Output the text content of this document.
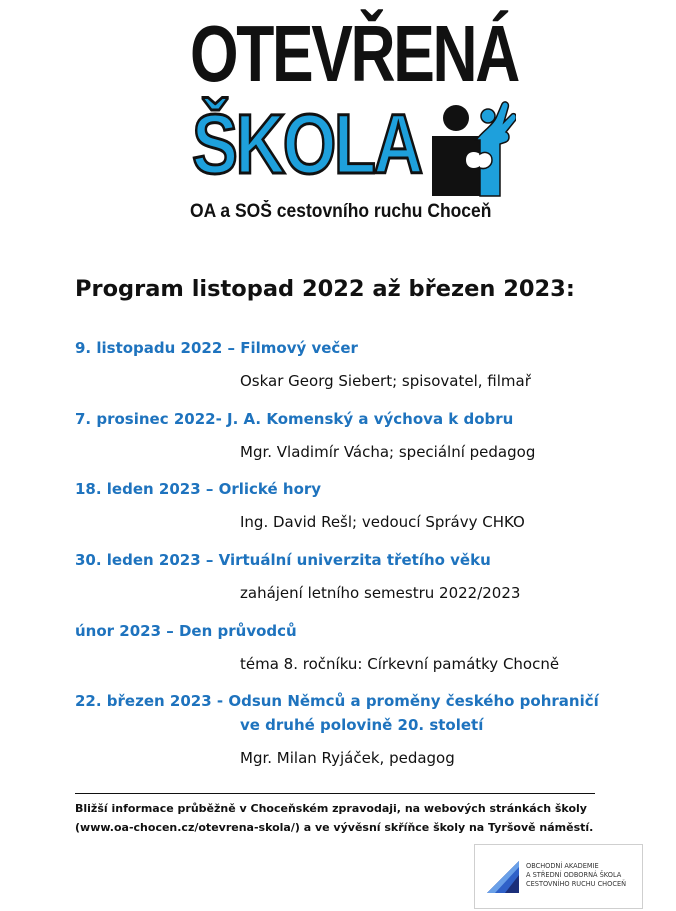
OTEVŘENÁ
ŠKOLA
OA a SOŠ cestovního ruchu Choceň
Program listopad 2022 až březen 2023:
9. listopadu 2022 – Filmový večer
Oskar Georg Siebert; spisovatel, filmař
7. prosinec 2022- J. A. Komenský a výchova k dobru
Mgr. Vladimír Vácha; speciální pedagog
18. leden 2023 – Orlické hory
Ing. David Rešl; vedoucí Správy CHKO
30. leden 2023 – Virtuální univerzita třetího věku
zahájení letního semestru 2022/2023
únor 2023 – Den průvodců
téma 8. ročníku: Církevní památky Chocně
22. březen 2023 - Odsun Němců a proměny českého pohraničí
ve druhé polovině 20. století
Mgr. Milan Ryjáček, pedagog
Bližší informace průběžně v Choceňském zpravodaji, na webových stránkách školy
(www.oa-chocen.cz/otevrena-skola/) a ve vývěsní skříňce školy na Tyršově náměstí.
OBCHODNÍ AKADEMIE
A STŘEDNÍ ODBORNÁ ŠKOLA
CESTOVNÍHO RUCHU CHOCEŇ
